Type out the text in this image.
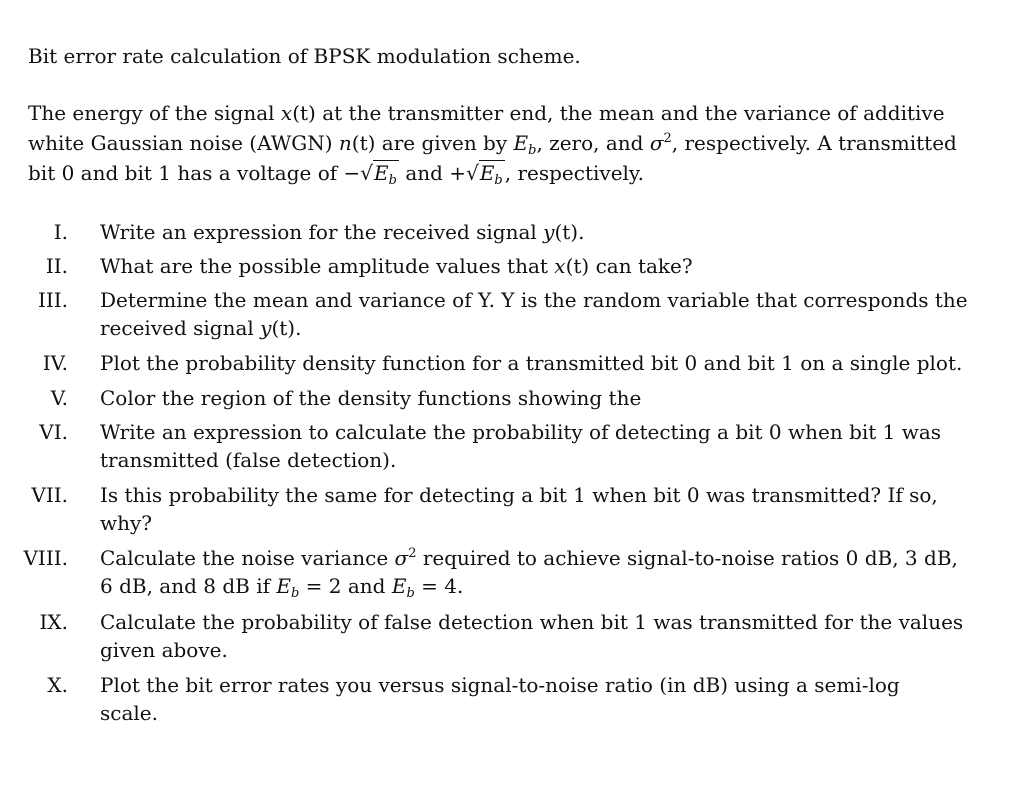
Bit error rate calculation of BPSK modulation scheme.
The energy of the signal x(t) at the transmitter end, the mean and the variance of additive
white Gaussian noise (AWGN) n(t) are given by $E_b$, zero, and $\sigma^2$, respectively. A transmitted
bit 0 and bit 1 has a voltage of $-√E_b$ and $+√E_b$ , respectively.
I. Write an expression for the received signal y(t).
II. What are the possible amplitude values that x(t) can take?
III. Determine the mean and variance of Y. Y is the random variable that corresponds the
received signal y(t).
IV. Plot the probability density function for a transmitted bit 0 and bit 1 on a single plot.
V. Color the region of the density functions showing the
VI. Write an expression to calculate the probability of detecting a bit 0 when bit 1 was
transmitted (false detection).
VII. Is this probability the same for detecting a bit 1 when bit 0 was transmitted? If so,
why?
VIII. Calculate the noise variance $\sigma^2$ required to achieve signal-to-noise ratios 0 dB, 3 dB,
6 dB, and 8 dB if $E_b = 2$ and $E_b = 4$.
IX. Calculate the probability of false detection when bit 1 was transmitted for the values
given above.
X. Plot the bit error rates you versus signal-to-noise ratio (in dB) using a semi-log
scale.
